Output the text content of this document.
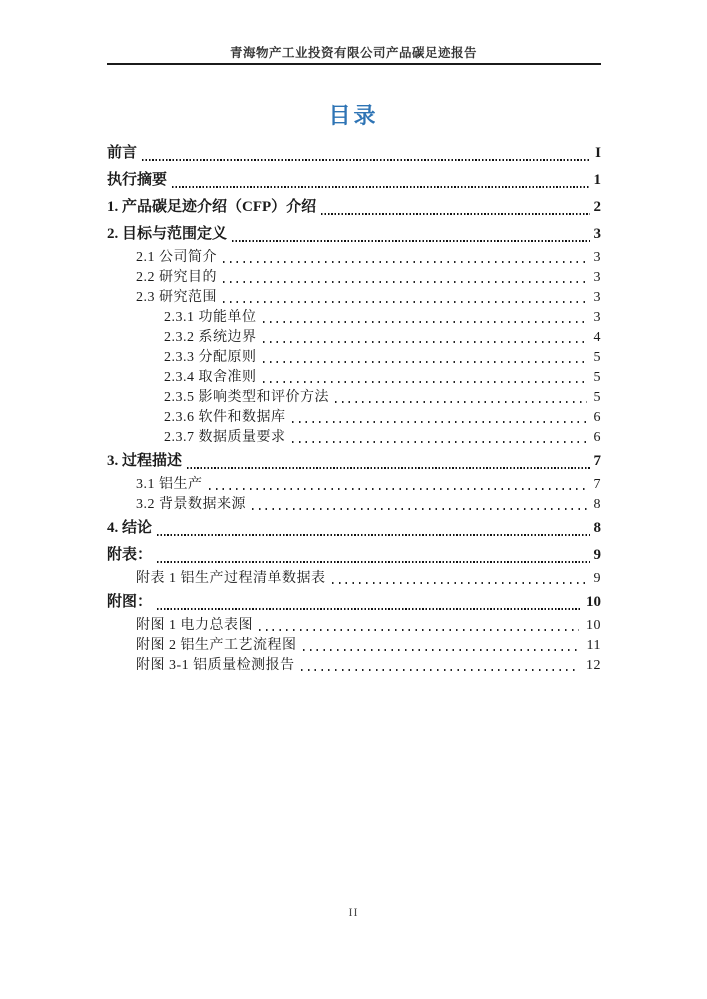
青海物产工业投资有限公司产品碳足迹报告
目录
前言	I
执行摘要	1
1. 产品碳足迹介绍（CFP）介绍	2
2. 目标与范围定义	3
2.1 公司简介	3
2.2 研究目的	3
2.3 研究范围	3
2.3.1 功能单位	3
2.3.2 系统边界	4
2.3.3 分配原则	5
2.3.4 取舍准则	5
2.3.5 影响类型和评价方法	5
2.3.6 软件和数据库	6
2.3.7 数据质量要求	6
3. 过程描述	7
3.1 铝生产	7
3.2 背景数据来源	8
4. 结论	8
附表：	9
附表 1 铝生产过程清单数据表	9
附图：	10
附图 1 电力总表图	10
附图 2 铝生产工艺流程图	11
附图 3-1 铝质量检测报告	12
II
